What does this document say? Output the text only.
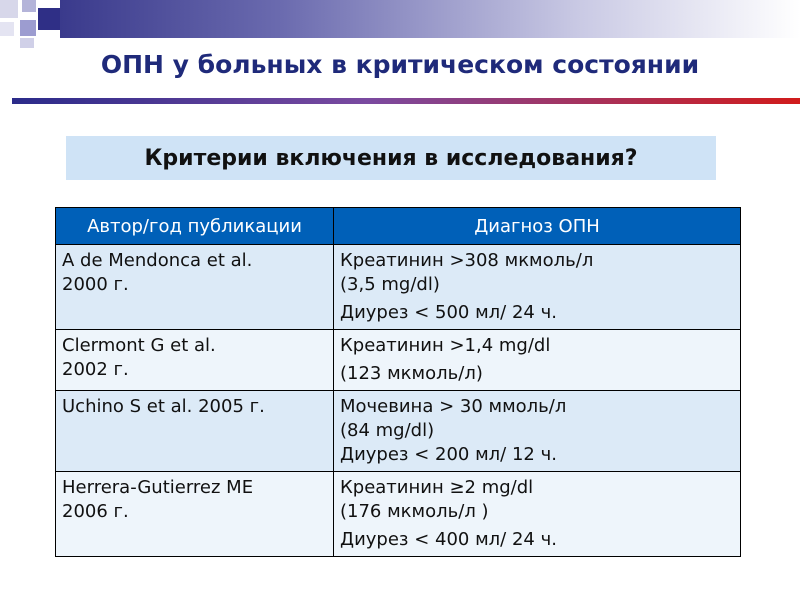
ОПН у больных в критическом состоянии
Критерии включения в исследования?
Автор/год публикации	Диагноз ОПН

A de Mendonca et al.
2000 г.	Креатинин >308 мкмоль/л
(3,5 mg/dl)
Диурез < 500 мл/ 24 ч.

Clermont G et al.
2002 г.	Креатинин >1,4 mg/dl
(123 мкмоль/л)

Uchino S et al. 2005 г.	Мочевина > 30 ммоль/л
(84 mg/dl)
Диурез < 200 мл/ 12 ч.

Herrera-Gutierrez ME
2006 г.	Креатинин ≥2 mg/dl
(176 мкмоль/л )
Диурез < 400 мл/ 24 ч.
